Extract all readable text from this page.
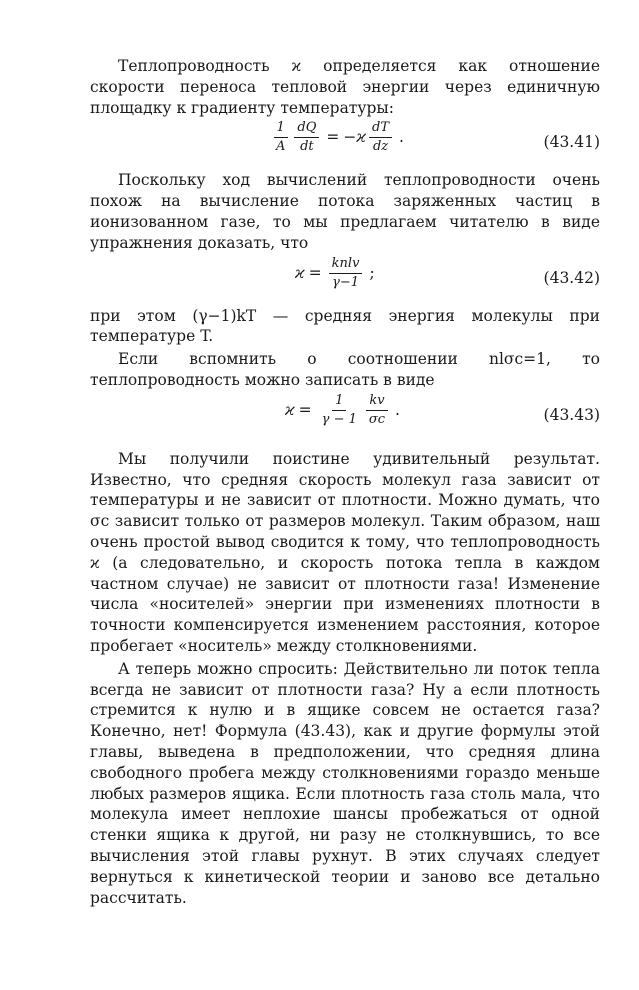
Теплопроводность ϰ определяется как отношение скорости переноса тепловой энергии через единичную площадку к градиенту температуры:

$\frac{1}{A} \frac{dQ}{dt} = -ϰ \frac{dT}{dz}$ .	(43.41)

Поскольку ход вычислений теплопроводности очень похож на вычисление потока заряженных частиц в ионизованном газе, то мы предлагаем читателю в виде упражнения доказать, что

$ϰ = \frac{\text{knlv}}{\gamma-1}$ ;	(43.42)

при этом (γ−1)kT — средняя энергия молекулы при температуре T.

Если вспомнить о соотношении nlσc=1, то теплопроводность можно записать в виде

$ϰ = \frac{1}{\gamma - 1} \frac{kv}{\sigma c}$ .	(43.43)

Мы получили поистине удивительный результат. Известно, что средняя скорость молекул газа зависит от температуры и не зависит от плотности. Можно думать, что σc зависит только от размеров молекул. Таким образом, наш очень простой вывод сводится к тому, что теплопроводность ϰ (а следовательно, и скорость потока тепла в каждом частном случае) не зависит от плотности газа! Изменение числа «носителей» энергии при изменениях плотности в точности компенсируется изменением расстояния, которое пробегает «носитель» между столкновениями.

А теперь можно спросить: Действительно ли поток тепла всегда не зависит от плотности газа? Ну а если плотность стремится к нулю и в ящике совсем не остается газа? Конечно, нет! Формула (43.43), как и другие формулы этой главы, выведена в предположении, что средняя длина свободного пробега между столкновениями гораздо меньше любых размеров ящика. Если плотность газа столь мала, что молекула имеет неплохие шансы пробежаться от одной стенки ящика к другой, ни разу не столкнувшись, то все вычисления этой главы рухнут. В этих случаях следует вернуться к кинетической теории и заново все детально рассчитать.
